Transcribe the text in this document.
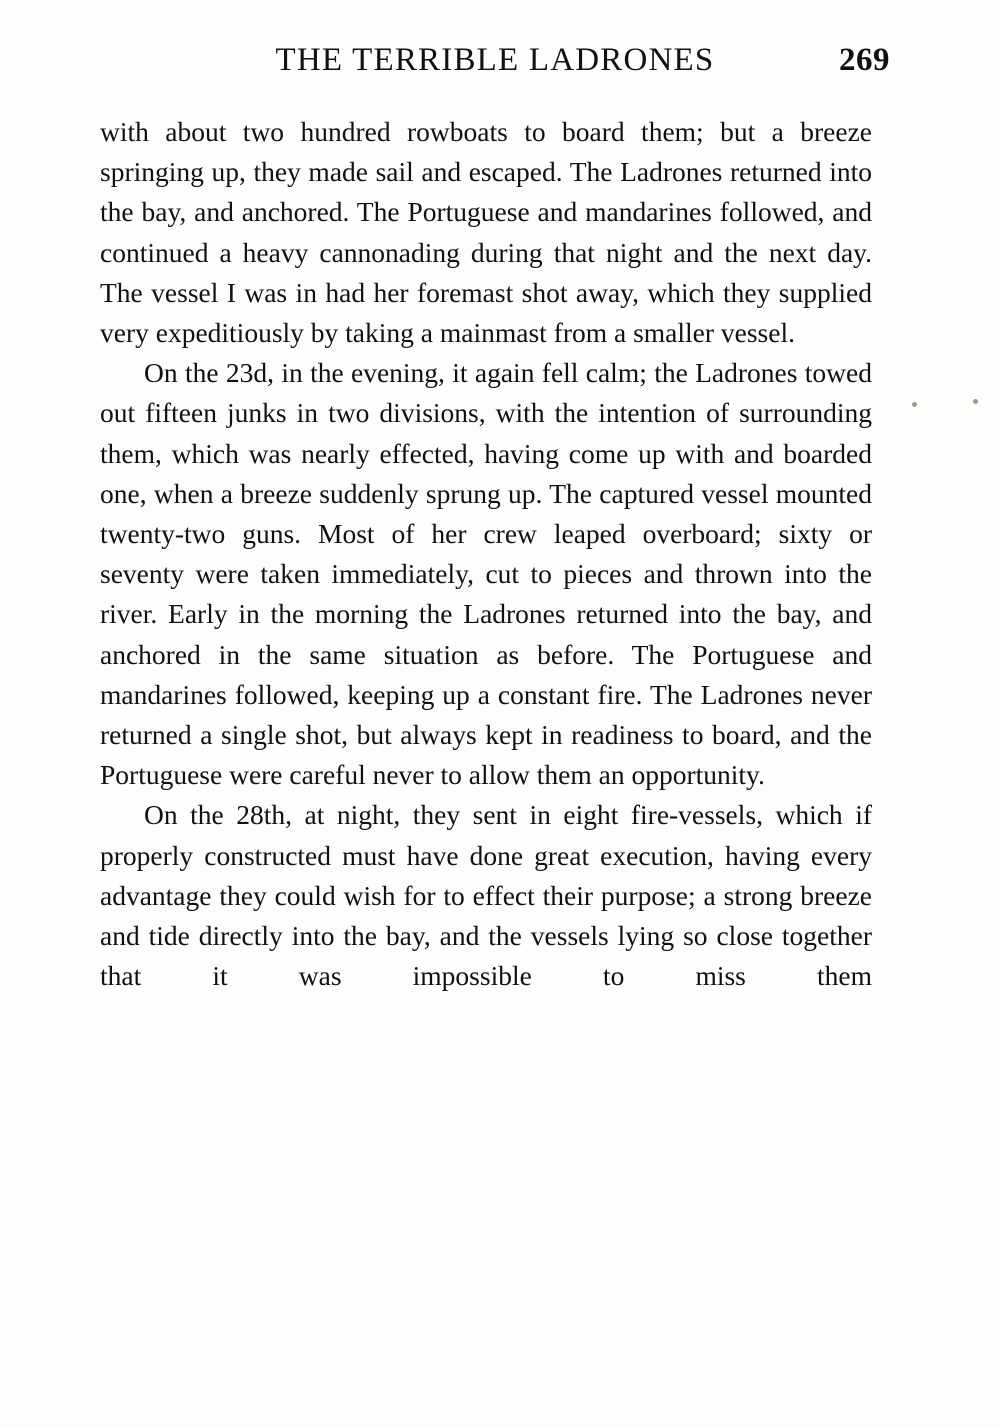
THE TERRIBLE LADRONES	269

with about two hundred rowboats to board them; but a breeze springing up, they made sail and escaped. The Ladrones returned into the bay, and anchored. The Portuguese and mandarines followed, and continued a heavy cannonading during that night and the next day. The vessel I was in had her foremast shot away, which they supplied very expeditiously by taking a mainmast from a smaller vessel.

On the 23d, in the evening, it again fell calm; the Ladrones towed out fifteen junks in two divisions, with the intention of surrounding them, which was nearly effected, having come up with and boarded one, when a breeze suddenly sprung up. The captured vessel mounted twenty-two guns. Most of her crew leaped overboard; sixty or seventy were taken immediately, cut to pieces and thrown into the river. Early in the morning the Ladrones returned into the bay, and anchored in the same situation as before. The Portuguese and mandarines followed, keeping up a constant fire. The Ladrones never returned a single shot, but always kept in readiness to board, and the Portuguese were careful never to allow them an opportunity.

On the 28th, at night, they sent in eight fire-vessels, which if properly constructed must have done great execution, having every advantage they could wish for to effect their purpose; a strong breeze and tide directly into the bay, and the vessels lying so close together that it was impossible to miss them
